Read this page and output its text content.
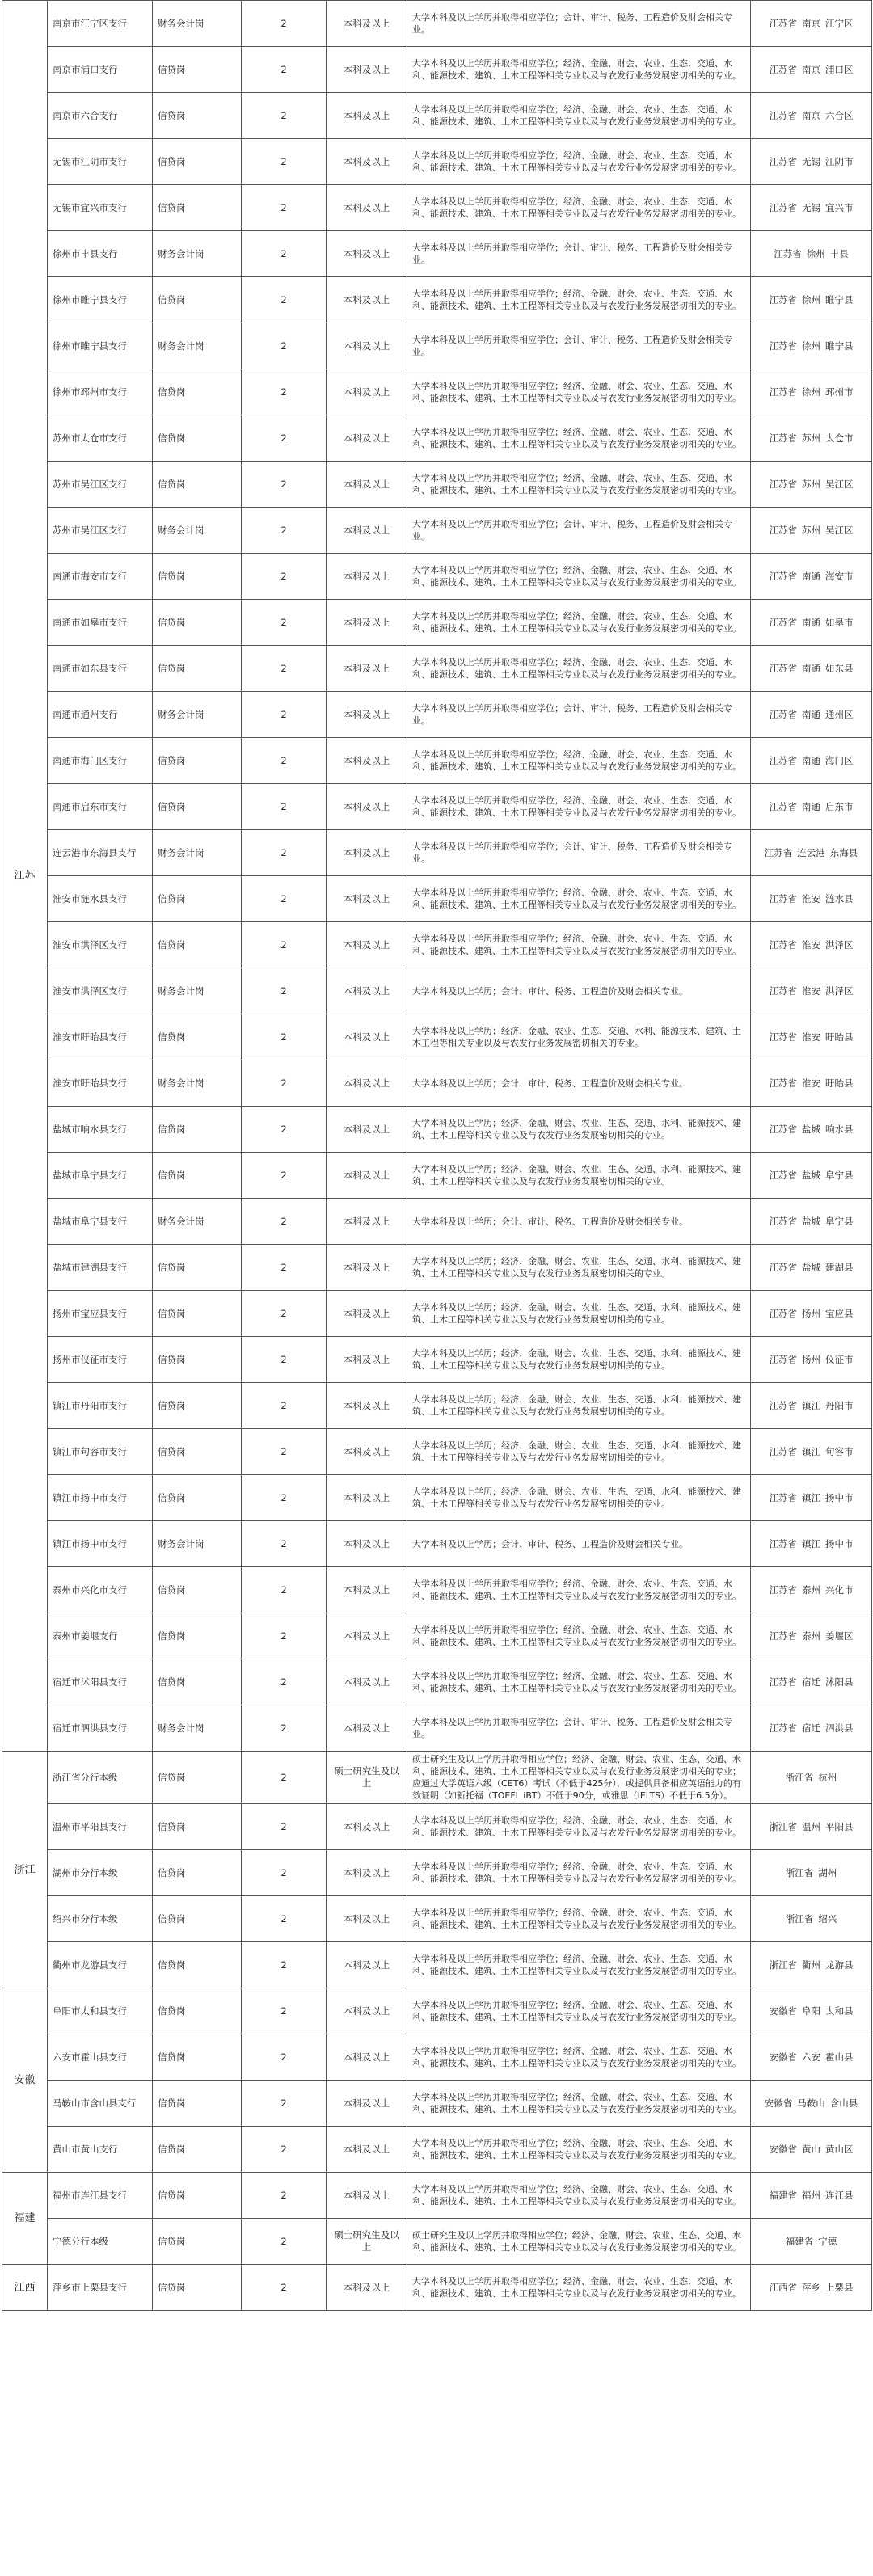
江苏	南京市江宁区支行	财务会计岗	2	本科及以上	大学本科及以上学历并取得相应学位；会计、审计、税务、工程造价及财会相关专业。	江苏省 南京 江宁区
	南京市浦口支行	信贷岗	2	本科及以上	大学本科及以上学历并取得相应学位；经济、金融、财会、农业、生态、交通、水利、能源技术、建筑、土木工程等相关专业以及与农发行业务发展密切相关的专业。	江苏省 南京 浦口区
	南京市六合支行	信贷岗	2	本科及以上	大学本科及以上学历并取得相应学位；经济、金融、财会、农业、生态、交通、水利、能源技术、建筑、土木工程等相关专业以及与农发行业务发展密切相关的专业。	江苏省 南京 六合区
	无锡市江阴市支行	信贷岗	2	本科及以上	大学本科及以上学历并取得相应学位；经济、金融、财会、农业、生态、交通、水利、能源技术、建筑、土木工程等相关专业以及与农发行业务发展密切相关的专业。	江苏省 无锡 江阴市
	无锡市宜兴市支行	信贷岗	2	本科及以上	大学本科及以上学历并取得相应学位；经济、金融、财会、农业、生态、交通、水利、能源技术、建筑、土木工程等相关专业以及与农发行业务发展密切相关的专业。	江苏省 无锡 宜兴市
	徐州市丰县支行	财务会计岗	2	本科及以上	大学本科及以上学历并取得相应学位；会计、审计、税务、工程造价及财会相关专业。	江苏省 徐州 丰县
	徐州市睢宁县支行	信贷岗	2	本科及以上	大学本科及以上学历并取得相应学位；经济、金融、财会、农业、生态、交通、水利、能源技术、建筑、土木工程等相关专业以及与农发行业务发展密切相关的专业。	江苏省 徐州 睢宁县
	徐州市睢宁县支行	财务会计岗	2	本科及以上	大学本科及以上学历并取得相应学位；会计、审计、税务、工程造价及财会相关专业。	江苏省 徐州 睢宁县
	徐州市邳州市支行	信贷岗	2	本科及以上	大学本科及以上学历并取得相应学位；经济、金融、财会、农业、生态、交通、水利、能源技术、建筑、土木工程等相关专业以及与农发行业务发展密切相关的专业。	江苏省 徐州 邳州市
	苏州市太仓市支行	信贷岗	2	本科及以上	大学本科及以上学历并取得相应学位；经济、金融、财会、农业、生态、交通、水利、能源技术、建筑、土木工程等相关专业以及与农发行业务发展密切相关的专业。	江苏省 苏州 太仓市
	苏州市吴江区支行	信贷岗	2	本科及以上	大学本科及以上学历并取得相应学位；经济、金融、财会、农业、生态、交通、水利、能源技术、建筑、土木工程等相关专业以及与农发行业务发展密切相关的专业。	江苏省 苏州 吴江区
	苏州市吴江区支行	财务会计岗	2	本科及以上	大学本科及以上学历并取得相应学位；会计、审计、税务、工程造价及财会相关专业。	江苏省 苏州 吴江区
	南通市海安市支行	信贷岗	2	本科及以上	大学本科及以上学历并取得相应学位；经济、金融、财会、农业、生态、交通、水利、能源技术、建筑、土木工程等相关专业以及与农发行业务发展密切相关的专业。	江苏省 南通 海安市
	南通市如皋市支行	信贷岗	2	本科及以上	大学本科及以上学历并取得相应学位；经济、金融、财会、农业、生态、交通、水利、能源技术、建筑、土木工程等相关专业以及与农发行业务发展密切相关的专业。	江苏省 南通 如皋市
	南通市如东县支行	信贷岗	2	本科及以上	大学本科及以上学历并取得相应学位；经济、金融、财会、农业、生态、交通、水利、能源技术、建筑、土木工程等相关专业以及与农发行业务发展密切相关的专业。	江苏省 南通 如东县
	南通市通州支行	财务会计岗	2	本科及以上	大学本科及以上学历并取得相应学位；会计、审计、税务、工程造价及财会相关专业。	江苏省 南通 通州区
	南通市海门区支行	信贷岗	2	本科及以上	大学本科及以上学历并取得相应学位；经济、金融、财会、农业、生态、交通、水利、能源技术、建筑、土木工程等相关专业以及与农发行业务发展密切相关的专业。	江苏省 南通 海门区
	南通市启东市支行	信贷岗	2	本科及以上	大学本科及以上学历并取得相应学位；经济、金融、财会、农业、生态、交通、水利、能源技术、建筑、土木工程等相关专业以及与农发行业务发展密切相关的专业。	江苏省 南通 启东市
	连云港市东海县支行	财务会计岗	2	本科及以上	大学本科及以上学历并取得相应学位；会计、审计、税务、工程造价及财会相关专业。	江苏省 连云港 东海县
	淮安市涟水县支行	信贷岗	2	本科及以上	大学本科及以上学历并取得相应学位；经济、金融、财会、农业、生态、交通、水利、能源技术、建筑、土木工程等相关专业以及与农发行业务发展密切相关的专业。	江苏省 淮安 涟水县
	淮安市洪泽区支行	信贷岗	2	本科及以上	大学本科及以上学历并取得相应学位；经济、金融、财会、农业、生态、交通、水利、能源技术、建筑、土木工程等相关专业以及与农发行业务发展密切相关的专业。	江苏省 淮安 洪泽区
	淮安市洪泽区支行	财务会计岗	2	本科及以上	大学本科及以上学历；会计、审计、税务、工程造价及财会相关专业。	江苏省 淮安 洪泽区
	淮安市盱眙县支行	信贷岗	2	本科及以上	大学本科及以上学历；经济、金融、农业、生态、交通、水利、能源技术、建筑、土木工程等相关专业以及与农发行业务发展密切相关的专业。	江苏省 淮安 盱眙县
	淮安市盱眙县支行	财务会计岗	2	本科及以上	大学本科及以上学历；会计、审计、税务、工程造价及财会相关专业。	江苏省 淮安 盱眙县
	盐城市响水县支行	信贷岗	2	本科及以上	大学本科及以上学历；经济、金融、财会、农业、生态、交通、水利、能源技术、建筑、土木工程等相关专业以及与农发行业务发展密切相关的专业。	江苏省 盐城 响水县
	盐城市阜宁县支行	信贷岗	2	本科及以上	大学本科及以上学历；经济、金融、财会、农业、生态、交通、水利、能源技术、建筑、土木工程等相关专业以及与农发行业务发展密切相关的专业。	江苏省 盐城 阜宁县
	盐城市阜宁县支行	财务会计岗	2	本科及以上	大学本科及以上学历；会计、审计、税务、工程造价及财会相关专业。	江苏省 盐城 阜宁县
	盐城市建湖县支行	信贷岗	2	本科及以上	大学本科及以上学历；经济、金融、财会、农业、生态、交通、水利、能源技术、建筑、土木工程等相关专业以及与农发行业务发展密切相关的专业。	江苏省 盐城 建湖县
	扬州市宝应县支行	信贷岗	2	本科及以上	大学本科及以上学历；经济、金融、财会、农业、生态、交通、水利、能源技术、建筑、土木工程等相关专业以及与农发行业务发展密切相关的专业。	江苏省 扬州 宝应县
	扬州市仪征市支行	信贷岗	2	本科及以上	大学本科及以上学历；经济、金融、财会、农业、生态、交通、水利、能源技术、建筑、土木工程等相关专业以及与农发行业务发展密切相关的专业。	江苏省 扬州 仪征市
	镇江市丹阳市支行	信贷岗	2	本科及以上	大学本科及以上学历；经济、金融、财会、农业、生态、交通、水利、能源技术、建筑、土木工程等相关专业以及与农发行业务发展密切相关的专业。	江苏省 镇江 丹阳市
	镇江市句容市支行	信贷岗	2	本科及以上	大学本科及以上学历；经济、金融、财会、农业、生态、交通、水利、能源技术、建筑、土木工程等相关专业以及与农发行业务发展密切相关的专业。	江苏省 镇江 句容市
	镇江市扬中市支行	信贷岗	2	本科及以上	大学本科及以上学历；经济、金融、财会、农业、生态、交通、水利、能源技术、建筑、土木工程等相关专业以及与农发行业务发展密切相关的专业。	江苏省 镇江 扬中市
	镇江市扬中市支行	财务会计岗	2	本科及以上	大学本科及以上学历；会计、审计、税务、工程造价及财会相关专业。	江苏省 镇江 扬中市
	泰州市兴化市支行	信贷岗	2	本科及以上	大学本科及以上学历并取得相应学位；经济、金融、财会、农业、生态、交通、水利、能源技术、建筑、土木工程等相关专业以及与农发行业务发展密切相关的专业。	江苏省 泰州 兴化市
	泰州市姜堰支行	信贷岗	2	本科及以上	大学本科及以上学历并取得相应学位；经济、金融、财会、农业、生态、交通、水利、能源技术、建筑、土木工程等相关专业以及与农发行业务发展密切相关的专业。	江苏省 泰州 姜堰区
	宿迁市沭阳县支行	信贷岗	2	本科及以上	大学本科及以上学历并取得相应学位；经济、金融、财会、农业、生态、交通、水利、能源技术、建筑、土木工程等相关专业以及与农发行业务发展密切相关的专业。	江苏省 宿迁 沭阳县
	宿迁市泗洪县支行	财务会计岗	2	本科及以上	大学本科及以上学历并取得相应学位；会计、审计、税务、工程造价及财会相关专业。	江苏省 宿迁 泗洪县
浙江	浙江省分行本级	信贷岗	2	硕士研究生及以上	硕士研究生及以上学历并取得相应学位；经济、金融、财会、农业、生态、交通、水利、能源技术、建筑、土木工程等相关专业以及与农发行业务发展密切相关的专业；应通过大学英语六级（CET6）考试（不低于425分），或提供具备相应英语能力的有效证明（如新托福（TOEFL iBT）不低于90分，或雅思（IELTS）不低于6.5分）。	浙江省 杭州
	温州市平阳县支行	信贷岗	2	本科及以上	大学本科及以上学历并取得相应学位；经济、金融、财会、农业、生态、交通、水利、能源技术、建筑、土木工程等相关专业以及与农发行业务发展密切相关的专业。	浙江省 温州 平阳县
	湖州市分行本级	信贷岗	2	本科及以上	大学本科及以上学历并取得相应学位；经济、金融、财会、农业、生态、交通、水利、能源技术、建筑、土木工程等相关专业以及与农发行业务发展密切相关的专业。	浙江省 湖州
	绍兴市分行本级	信贷岗	2	本科及以上	大学本科及以上学历并取得相应学位；经济、金融、财会、农业、生态、交通、水利、能源技术、建筑、土木工程等相关专业以及与农发行业务发展密切相关的专业。	浙江省 绍兴
	衢州市龙游县支行	信贷岗	2	本科及以上	大学本科及以上学历并取得相应学位；经济、金融、财会、农业、生态、交通、水利、能源技术、建筑、土木工程等相关专业以及与农发行业务发展密切相关的专业。	浙江省 衢州 龙游县
安徽	阜阳市太和县支行	信贷岗	2	本科及以上	大学本科及以上学历并取得相应学位；经济、金融、财会、农业、生态、交通、水利、能源技术、建筑、土木工程等相关专业以及与农发行业务发展密切相关的专业。	安徽省 阜阳 太和县
	六安市霍山县支行	信贷岗	2	本科及以上	大学本科及以上学历并取得相应学位；经济、金融、财会、农业、生态、交通、水利、能源技术、建筑、土木工程等相关专业以及与农发行业务发展密切相关的专业。	安徽省 六安 霍山县
	马鞍山市含山县支行	信贷岗	2	本科及以上	大学本科及以上学历并取得相应学位；经济、金融、财会、农业、生态、交通、水利、能源技术、建筑、土木工程等相关专业以及与农发行业务发展密切相关的专业。	安徽省 马鞍山 含山县
	黄山市黄山支行	信贷岗	2	本科及以上	大学本科及以上学历并取得相应学位；经济、金融、财会、农业、生态、交通、水利、能源技术、建筑、土木工程等相关专业以及与农发行业务发展密切相关的专业。	安徽省 黄山 黄山区
福建	福州市连江县支行	信贷岗	2	本科及以上	大学本科及以上学历并取得相应学位；经济、金融、财会、农业、生态、交通、水利、能源技术、建筑、土木工程等相关专业以及与农发行业务发展密切相关的专业。	福建省 福州 连江县
	宁德分行本级	信贷岗	2	硕士研究生及以上	硕士研究生及以上学历并取得相应学位；经济、金融、财会、农业、生态、交通、水利、能源技术、建筑、土木工程等相关专业以及与农发行业务发展密切相关的专业。	福建省 宁德
江西	萍乡市上栗县支行	信贷岗	2	本科及以上	大学本科及以上学历并取得相应学位；经济、金融、财会、农业、生态、交通、水利、能源技术、建筑、土木工程等相关专业以及与农发行业务发展密切相关的专业。	江西省 萍乡 上栗县
